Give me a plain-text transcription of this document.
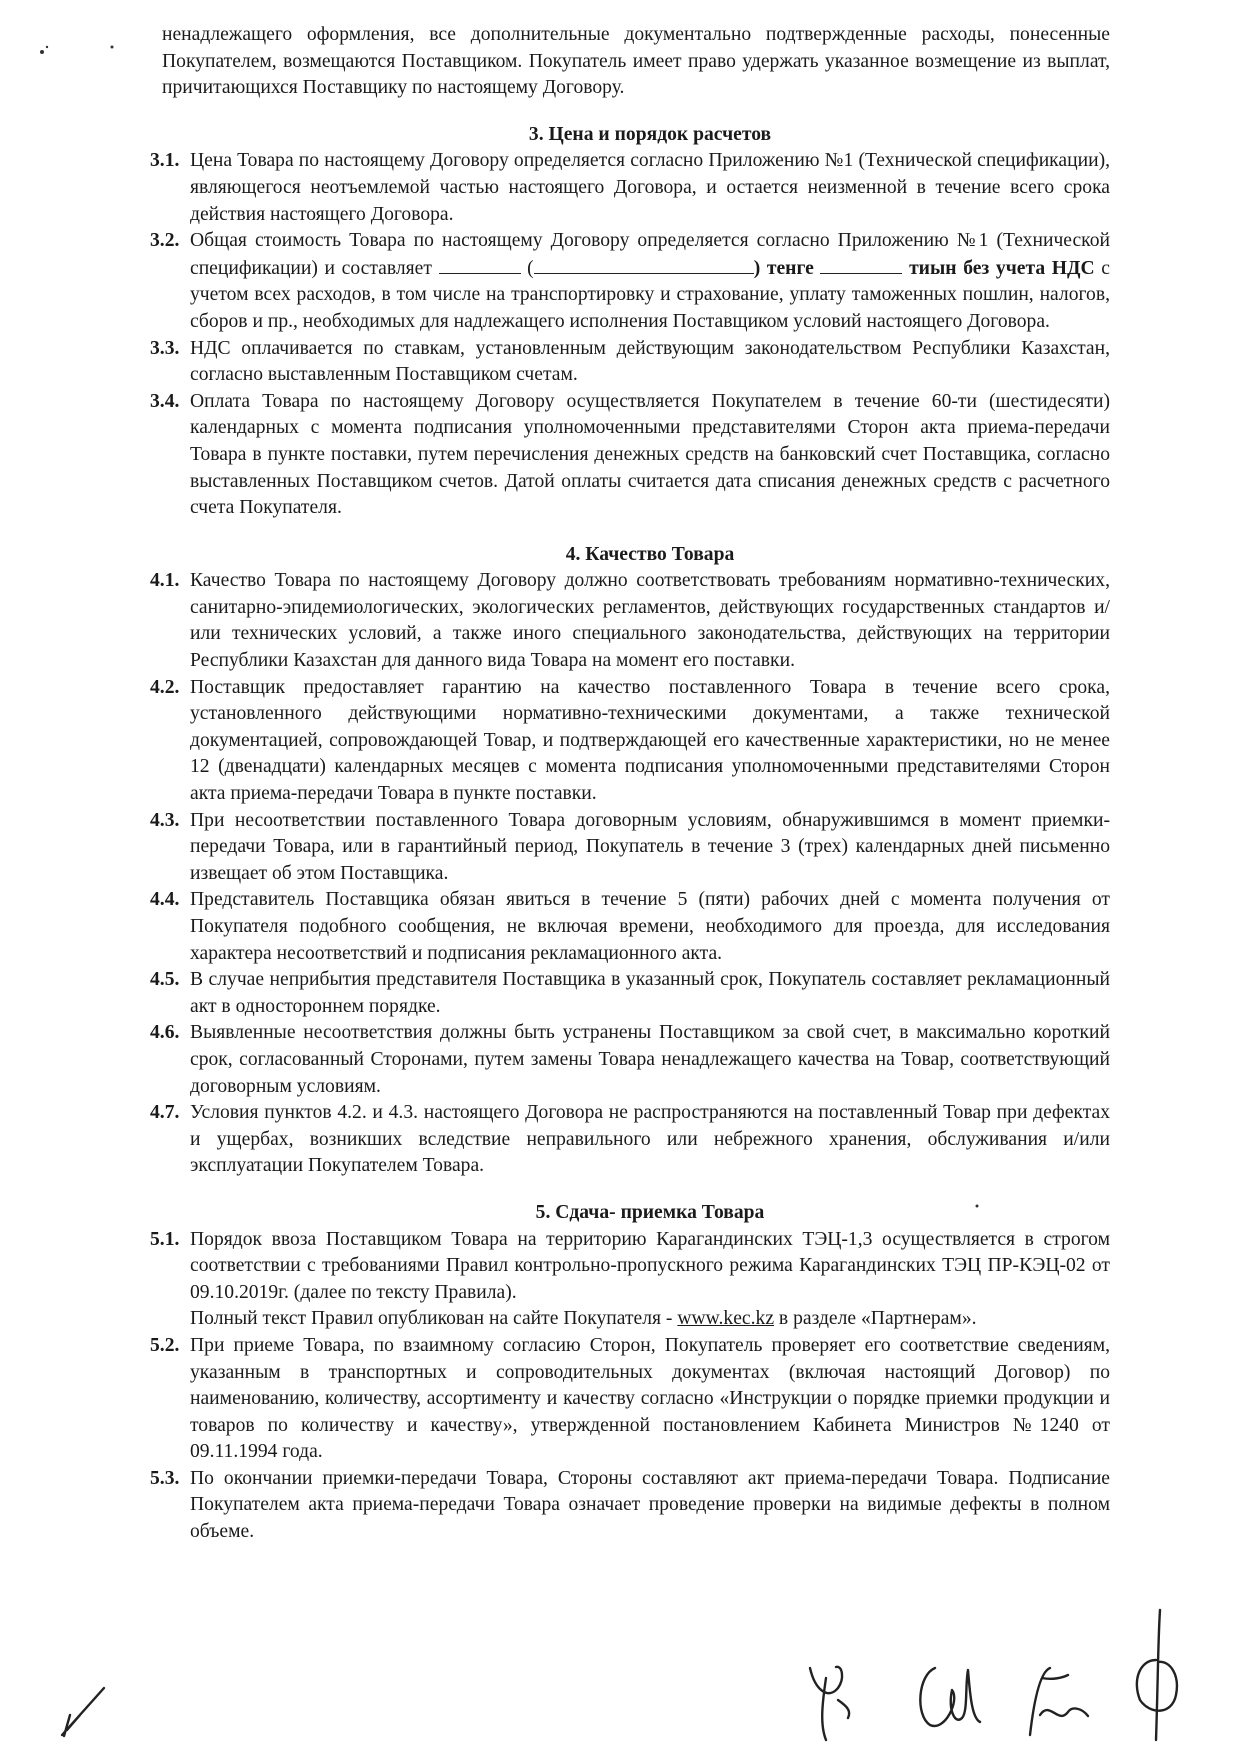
ненадлежащего оформления, все дополнительные документально подтвержденные расходы, понесенные Покупателем, возмещаются Поставщиком. Покупатель имеет право удержать указанное возмещение из выплат, причитающихся Поставщику по настоящему Договору.

3. Цена и порядок расчетов
3.1. Цена Товара по настоящему Договору определяется согласно Приложению №1 (Технической спецификации), являющегося неотъемлемой частью настоящего Договора, и остается неизменной в течение всего срока действия настоящего Договора.

3.2. Общая стоимость Товара по настоящему Договору определяется согласно Приложению №1 (Технической спецификации) и составляет	(	) тенге	тиын без учета НДС с учетом всех расходов, в том числе на транспортировку и страхование, уплату таможенных пошлин, налогов, сборов и пр., необходимых для надлежащего исполнения Поставщиком условий настоящего Договора.

3.3. НДС оплачивается по ставкам, установленным действующим законодательством Республики Казахстан, согласно выставленным Поставщиком счетам.

3.4. Оплата Товара по настоящему Договору осуществляется Покупателем в течение 60-ти (шестидесяти) календарных с момента подписания уполномоченными представителями Сторон акта приема-передачи Товара в пункте поставки, путем перечисления денежных средств на банковский счет Поставщика, согласно выставленных Поставщиком счетов. Датой оплаты считается дата списания денежных средств с расчетного счета Покупателя.

4. Качество Товара
4.1. Качество Товара по настоящему Договору должно соответствовать требованиям нормативно-технических, санитарно-эпидемиологических, экологических регламентов, действующих государственных стандартов и/или технических условий, а также иного специального законодательства, действующих на территории Республики Казахстан для данного вида Товара на момент его поставки.

4.2. Поставщик предоставляет гарантию на качество поставленного Товара в течение всего срока, установленного действующими нормативно-техническими документами, а также технической документацией, сопровождающей Товар, и подтверждающей его качественные характеристики, но не менее 12 (двенадцати) календарных месяцев с момента подписания уполномоченными представителями Сторон акта приема-передачи Товара в пункте поставки.

4.3. При несоответствии поставленного Товара договорным условиям, обнаружившимся в момент приемки-передачи Товара, или в гарантийный период, Покупатель в течение 3 (трех) календарных дней письменно извещает об этом Поставщика.

4.4. Представитель Поставщика обязан явиться в течение 5 (пяти) рабочих дней с момента получения от Покупателя подобного сообщения, не включая времени, необходимого для проезда, для исследования характера несоответствий и подписания рекламационного акта.

4.5. В случае неприбытия представителя Поставщика в указанный срок, Покупатель составляет рекламационный акт в одностороннем порядке.

4.6. Выявленные несоответствия должны быть устранены Поставщиком за свой счет, в максимально короткий срок, согласованный Сторонами, путем замены Товара ненадлежащего качества на Товар, соответствующий договорным условиям.

4.7. Условия пунктов 4.2. и 4.3. настоящего Договора не распространяются на поставленный Товар при дефектах и ущербах, возникших вследствие неправильного или небрежного хранения, обслуживания и/или эксплуатации Покупателем Товара.

5. Сдача- приемка Товара
5.1. Порядок ввоза Поставщиком Товара на территорию Карагандинских ТЭЦ-1,3 осуществляется в строгом соответствии с требованиями Правил контрольно-пропускного режима Карагандинских ТЭЦ ПР-КЭЦ-02 от 09.10.2019г. (далее по тексту Правила).

Полный текст Правил опубликован на сайте Покупателя - www.kec.kz в разделе «Партнерам».

5.2. При приеме Товара, по взаимному согласию Сторон, Покупатель проверяет его соответствие сведениям, указанным в транспортных и сопроводительных документах (включая настоящий Договор) по наименованию, количеству, ассортименту и качеству согласно «Инструкции о порядке приемки продукции и товаров по количеству и качеству», утвержденной постановлением Кабинета Министров №1240 от 09.11.1994 года.

5.3. По окончании приемки-передачи Товара, Стороны составляют акт приема-передачи Товара. Подписание Покупателем акта приема-передачи Товара означает проведение проверки на видимые дефекты в полном объеме.
